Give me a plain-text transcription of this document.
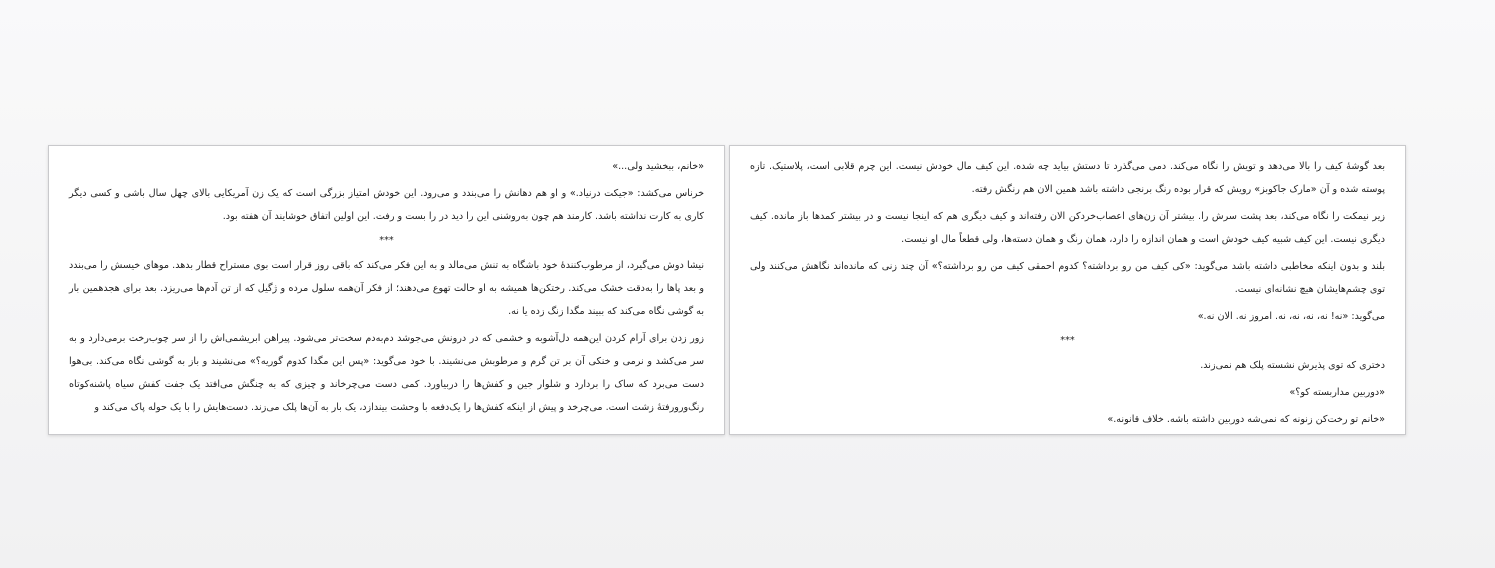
بعد گوشهٔ کیف را بالا می‌دهد و تویش را نگاه می‌کند. دمی می‌گذرد تا دستش بیاید چه شده. این کیف مال خودش نیست. این چرم قلابی است، پلاستیک. تازه پوسته شده و آن «مارک جاکوبز» رویش که قرار بوده رنگ برنجی داشته باشد همین الان هم رنگش رفته.

زیر نیمکت را نگاه می‌کند، بعد پشت سرش را. بیشتر آن زن‌های اعصاب‌خردکن الان رفته‌اند و کیف دیگری هم که اینجا نیست و در بیشتر کمدها باز مانده. کیف دیگری نیست. این کیف شبیه کیف خودش است و همان اندازه را دارد، همان رنگ و همان دسته‌ها، ولی قطعاً مال او نیست.

بلند و بدون اینکه مخاطبی داشته باشد می‌گوید: «کی کیف من رو برداشته؟ کدوم احمقی کیف من رو برداشته؟» آن چند زنی که مانده‌اند نگاهش می‌کنند ولی توی چشم‌هایشان هیچ نشانه‌ای نیست.

می‌گوید: «نه! نه، نه، نه، نه. امروز نه. الان نه.»

***

دختری که توی پذیرش نشسته پلک هم نمی‌زند.

«دوربین مداربسته کو؟»

«خانم تو رخت‌کن زنونه که نمی‌شه دوربین داشته باشه. خلاف قانونه.»

«خانم، ببخشید ولی...»

خرناس می‌کشد: «جیکت درنیاد.» و او هم دهانش را می‌بندد و می‌رود. این خودش امتیاز بزرگی است که یک زن آمریکایی بالای چهل سال باشی و کسی دیگر کاری به کارت نداشته باشد. کارمند هم چون به‌روشنی این را دید در را بست و رفت. این اولین اتفاق خوشایند آن هفته بود.

***

نیشا دوش می‌گیرد، از مرطوب‌کنندهٔ خود باشگاه به تنش می‌مالد و به این فکر می‌کند که باقی روز قرار است بوی مستراح قطار بدهد. موهای خیسش را می‌بندد و بعد پاها را به‌دقت خشک می‌کند. رختکن‌ها همیشه به او حالت تهوع می‌دهند؛ از فکر آن‌همه سلول مرده و ژگیل که از تن آدم‌ها می‌ریزد. بعد برای هجدهمین بار به گوشی نگاه می‌کند که ببیند مگدا زنگ زده یا نه.

زور زدن برای آرام کردن این‌همه دل‌آشوبه و خشمی که در درونش می‌جوشد دم‌به‌دم سخت‌تر می‌شود. پیراهن ابریشمی‌اش را از سر چوب‌رخت برمی‌دارد و به سر می‌کشد و نرمی و خنکی آن بر تن گرم و مرطوبش می‌نشیند. با خود می‌گوید: «پس این مگدا کدوم گوریه؟» می‌نشیند و باز به گوشی نگاه می‌کند. بی‌هوا دست می‌برد که ساک را بردارد و شلوار جین و کفش‌ها را دربیاورد. کمی دست می‌چرخاند و چیزی که به چنگش می‌افتد یک جفت کفش سیاه پاشنه‌کوتاه رنگ‌ورورفتهٔ زشت است. می‌چرخد و پیش از اینکه کفش‌ها را یک‌دفعه با وحشت بیندازد، یک بار به آن‌ها پلک می‌زند. دست‌هایش را با یک حوله پاک می‌کند و
